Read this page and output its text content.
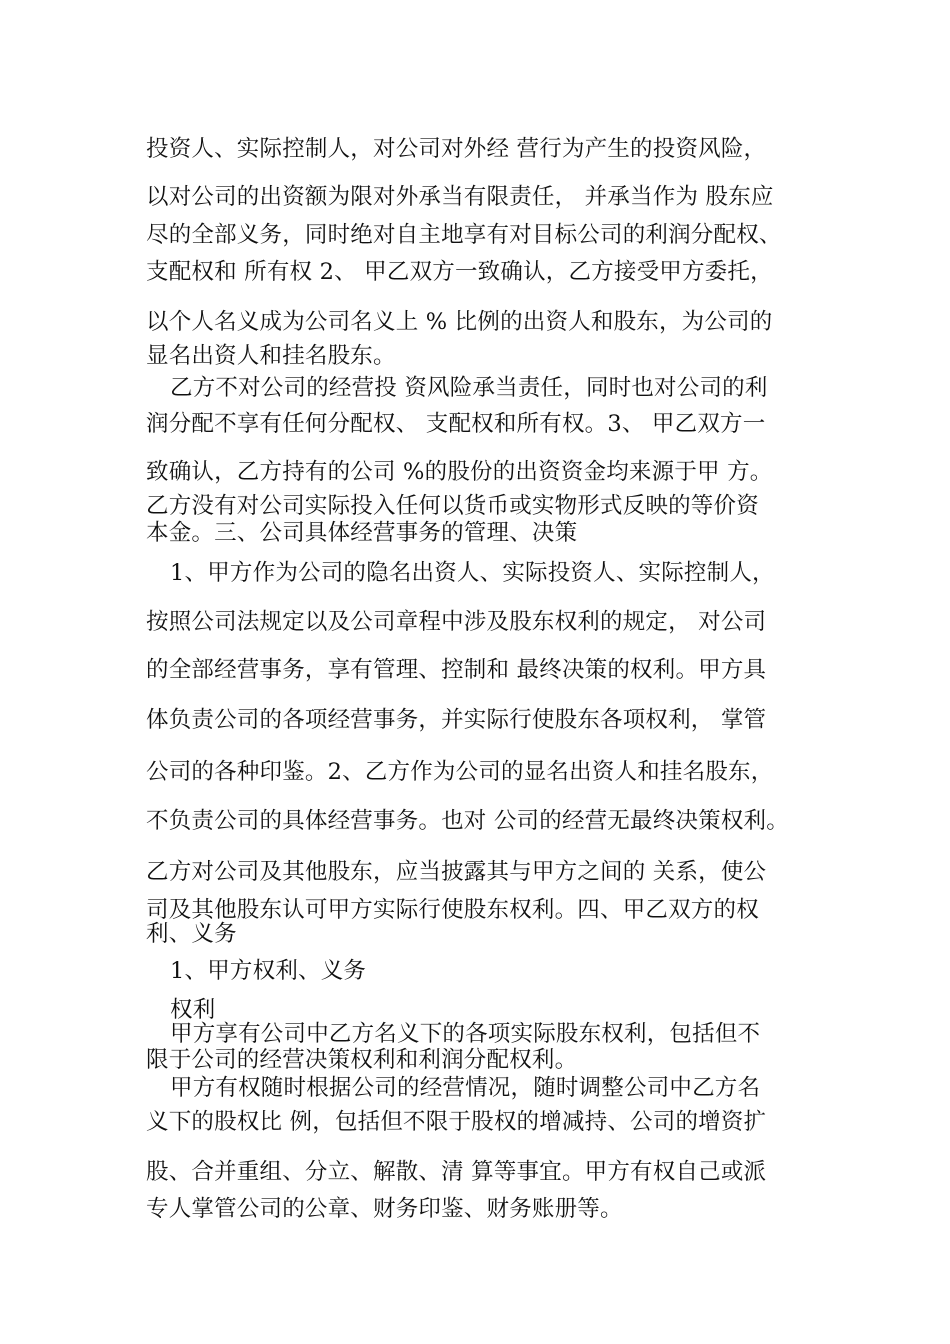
投资人、实际控制人，对公司对外经 营行为产生的投资风险，
以对公司的出资额为限对外承当有限责任， 并承当作为 股东应
尽的全部义务，同时绝对自主地享有对目标公司的利润分配权、
支配权和 所有权 2、 甲乙双方一致确认，乙方接受甲方委托，
以个人名义成为公司名义上 % 比例的出资人和股东，为公司的
显名出资人和挂名股东。
乙方不对公司的经营投 资风险承当责任，同时也对公司的利
润分配不享有任何分配权、 支配权和所有权。3、 甲乙双方一
致确认，乙方持有的公司 %的股份的出资资金均来源于甲 方。
乙方没有对公司实际投入任何以货币或实物形式反映的等价资
本金。三、公司具体经营事务的管理、决策
1、甲方作为公司的隐名出资人、实际投资人、实际控制人，
按照公司法规定以及公司章程中涉及股东权利的规定， 对公司
的全部经营事务，享有管理、控制和 最终决策的权利。甲方具
体负责公司的各项经营事务，并实际行使股东各项权利， 掌管
公司的各种印鉴。2、乙方作为公司的显名出资人和挂名股东，
不负责公司的具体经营事务。也对 公司的经营无最终决策权利。
乙方对公司及其他股东，应当披露其与甲方之间的 关系，使公
司及其他股东认可甲方实际行使股东权利。四、甲乙双方的权
利、义务
1、甲方权利、义务
权利
甲方享有公司中乙方名义下的各项实际股东权利，包括但不
限于公司的经营决策权利和利润分配权利。
甲方有权随时根据公司的经营情况，随时调整公司中乙方名
义下的股权比 例，包括但不限于股权的增减持、公司的增资扩
股、合并重组、分立、解散、清 算等事宜。甲方有权自己或派
专人掌管公司的公章、财务印鉴、财务账册等。
